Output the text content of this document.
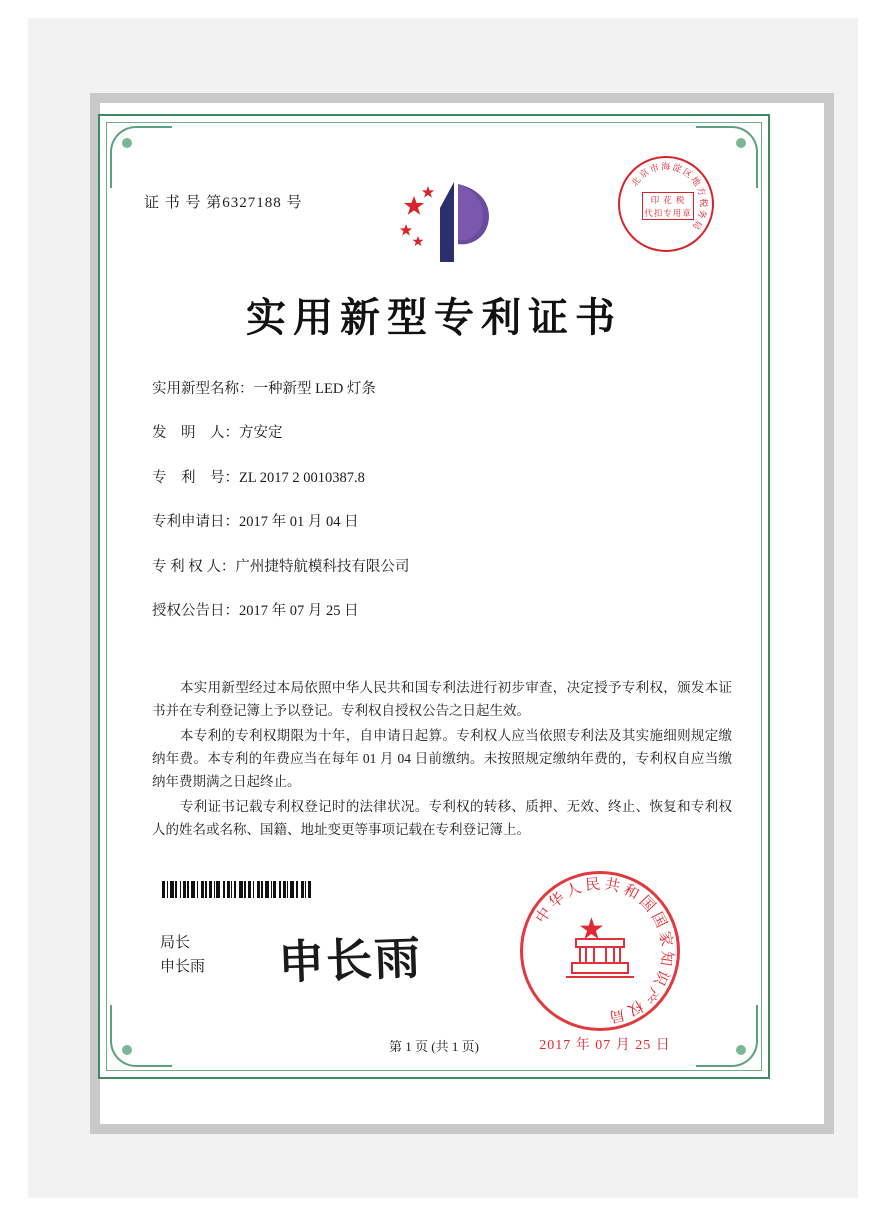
证 书 号 第6327188 号
北京市海淀区地方税务局
印 花 税
代扣专用章
实用新型专利证书
实用新型名称：一种新型 LED 灯条
发　明　人：方安定
专　利　号：ZL 2017 2 0010387.8
专利申请日：2017 年 01 月 04 日
专 利 权 人：广州捷特航模科技有限公司
授权公告日：2017 年 07 月 25 日

本实用新型经过本局依照中华人民共和国专利法进行初步审查，决定授予专利权，颁发本证书并在专利登记簿上予以登记。专利权自授权公告之日起生效。

本专利的专利权期限为十年，自申请日起算。专利权人应当依照专利法及其实施细则规定缴纳年费。本专利的年费应当在每年 01 月 04 日前缴纳。未按照规定缴纳年费的，专利权自应当缴纳年费期满之日起终止。

专利证书记载专利权登记时的法律状况。专利权的转移、质押、无效、终止、恢复和专利权人的姓名或名称、国籍、地址变更等事项记载在专利登记簿上。

局长
申长雨 申长雨
中华人民共和国国家知识产权局
★
2017 年 07 月 25 日
第 1 页 (共 1 页)
